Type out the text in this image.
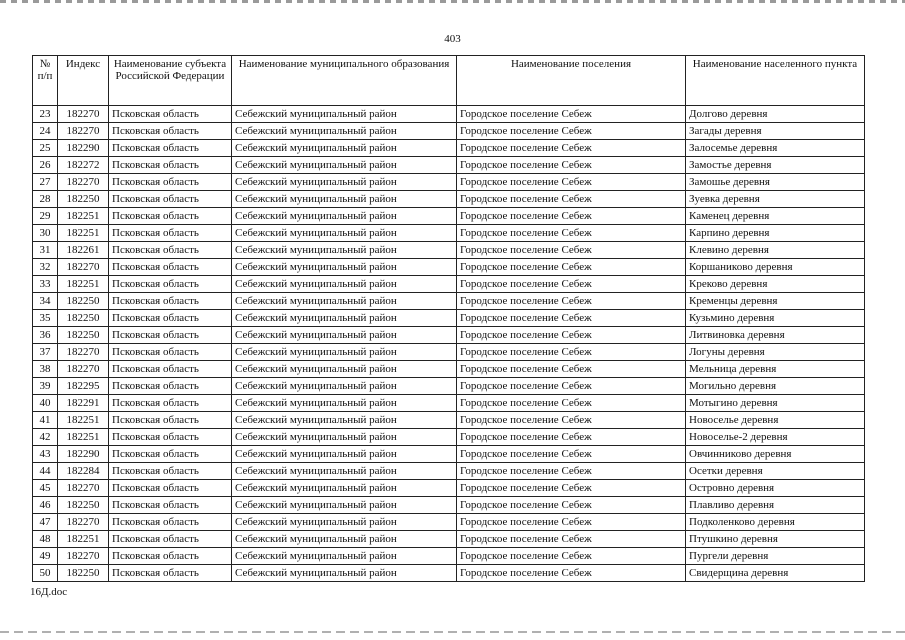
403
№ п/п	Индекс	Наименование субъекта Российской Федерации	Наименование муниципального образования	Наименование поселения	Наименование населенного пункта
23	182270	Псковская область	Себежский муниципальный район	Городское поселение Себеж	Долгово деревня
24	182270	Псковская область	Себежский муниципальный район	Городское поселение Себеж	Загады деревня
25	182290	Псковская область	Себежский муниципальный район	Городское поселение Себеж	Залосемье деревня
26	182272	Псковская область	Себежский муниципальный район	Городское поселение Себеж	Замостье деревня
27	182270	Псковская область	Себежский муниципальный район	Городское поселение Себеж	Замошье деревня
28	182250	Псковская область	Себежский муниципальный район	Городское поселение Себеж	Зуевка деревня
29	182251	Псковская область	Себежский муниципальный район	Городское поселение Себеж	Каменец деревня
30	182251	Псковская область	Себежский муниципальный район	Городское поселение Себеж	Карпино деревня
31	182261	Псковская область	Себежский муниципальный район	Городское поселение Себеж	Клевино деревня
32	182270	Псковская область	Себежский муниципальный район	Городское поселение Себеж	Коршаниково деревня
33	182251	Псковская область	Себежский муниципальный район	Городское поселение Себеж	Креково деревня
34	182250	Псковская область	Себежский муниципальный район	Городское поселение Себеж	Кременцы деревня
35	182250	Псковская область	Себежский муниципальный район	Городское поселение Себеж	Кузьмино деревня
36	182250	Псковская область	Себежский муниципальный район	Городское поселение Себеж	Литвиновка деревня
37	182270	Псковская область	Себежский муниципальный район	Городское поселение Себеж	Логуны деревня
38	182270	Псковская область	Себежский муниципальный район	Городское поселение Себеж	Мельница деревня
39	182295	Псковская область	Себежский муниципальный район	Городское поселение Себеж	Могильно деревня
40	182291	Псковская область	Себежский муниципальный район	Городское поселение Себеж	Мотыгино деревня
41	182251	Псковская область	Себежский муниципальный район	Городское поселение Себеж	Новоселье деревня
42	182251	Псковская область	Себежский муниципальный район	Городское поселение Себеж	Новоселье-2 деревня
43	182290	Псковская область	Себежский муниципальный район	Городское поселение Себеж	Овчинниково деревня
44	182284	Псковская область	Себежский муниципальный район	Городское поселение Себеж	Осетки деревня
45	182270	Псковская область	Себежский муниципальный район	Городское поселение Себеж	Островно деревня
46	182250	Псковская область	Себежский муниципальный район	Городское поселение Себеж	Плавливо деревня
47	182270	Псковская область	Себежский муниципальный район	Городское поселение Себеж	Подколенково деревня
48	182251	Псковская область	Себежский муниципальный район	Городское поселение Себеж	Птушкино деревня
49	182270	Псковская область	Себежский муниципальный район	Городское поселение Себеж	Пургели деревня
50	182250	Псковская область	Себежский муниципальный район	Городское поселение Себеж	Свидерщина деревня
16Д.doc
